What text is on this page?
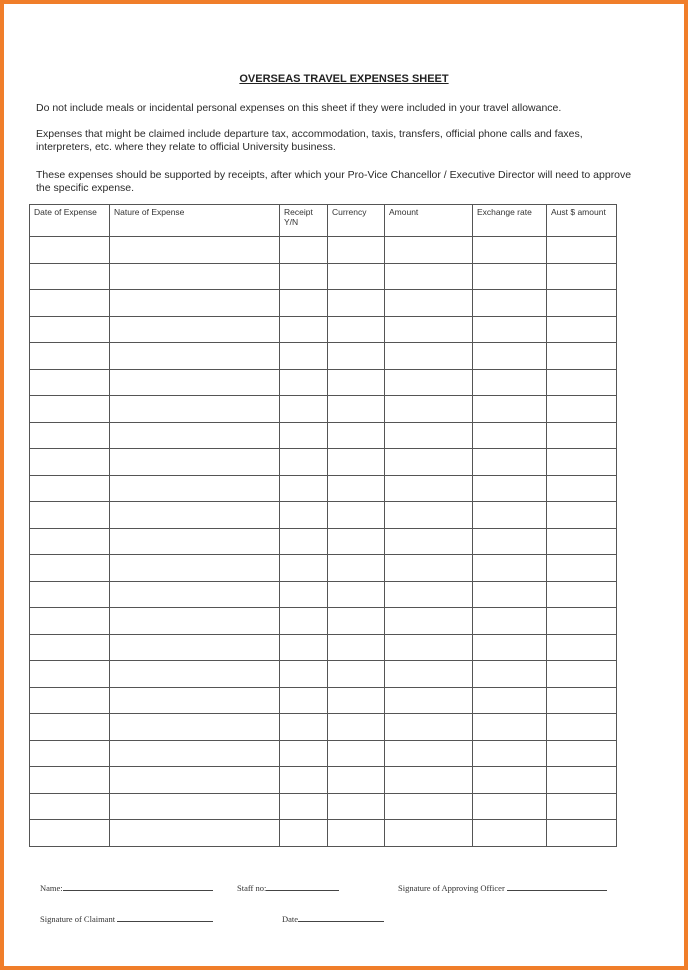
OVERSEAS TRAVEL EXPENSES SHEET
Do not include meals or incidental personal expenses on this sheet if they were included in your travel allowance.
Expenses that might be claimed include departure tax, accommodation, taxis, transfers, official phone calls and faxes, interpreters, etc. where they relate to official University business.
These expenses should be supported by receipts, after which your Pro-Vice Chancellor / Executive Director will need to approve the specific expense.
Date of Expense	Nature of Expense	Receipt Y/N	Currency	Amount	Exchange rate	Aust $ amount

Name:	Staff no:	Signature of Approving Officer
Signature of Claimant	Date
